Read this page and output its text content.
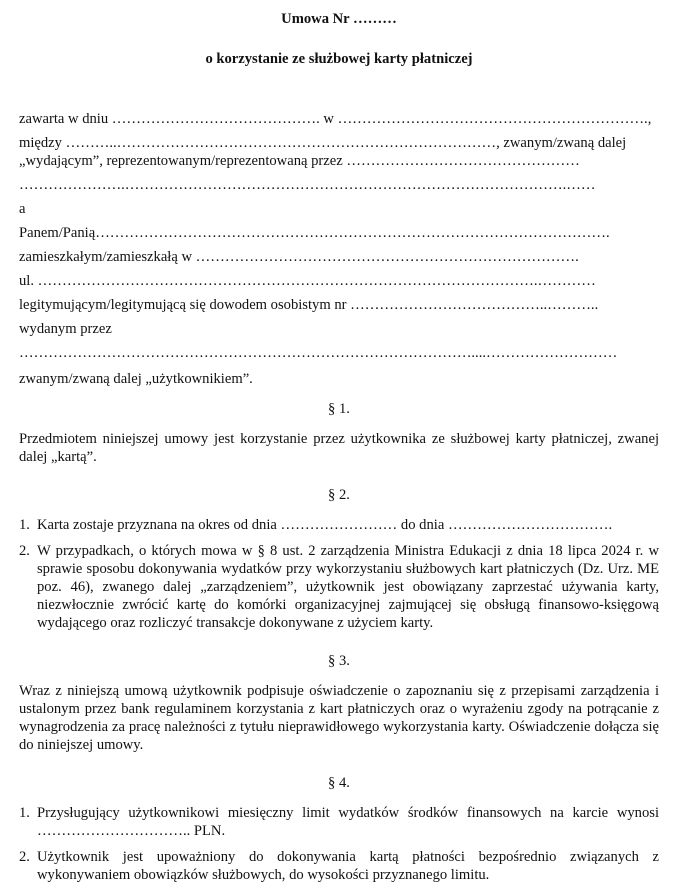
Umowa Nr ………

o korzystanie ze służbowej karty płatniczej

zawarta w dniu ……………………………………. w ……………………………………………………….,

między ………..……………………………………………………………………, zwanym/zwaną dalej

„wydającym”, reprezentowanym/reprezentowaną przez …………………………………………

………………….……………………………………………………………………………….……

a

Panem/Panią…………………………………………………………………………………………….

zamieszkałym/zamieszkałą w …………………………………………………………………….

ul. ………………………………………………………………………………………….…………

legitymującym/legitymującą się dowodem osobistym nr …………………………………..………..

wydanym przez

…………………………………………………………………………………....………………………

zwanym/zwaną dalej „użytkownikiem”.

§ 1.

Przedmiotem niniejszej umowy jest korzystanie przez użytkownika ze służbowej karty płatniczej, zwanej dalej „kartą”.

§ 2.

1. Karta zostaje przyznana na okres od dnia …………………… do dnia …………………………….

2. W przypadkach, o których mowa w § 8 ust. 2 zarządzenia Ministra Edukacji z dnia 18 lipca 2024 r. w sprawie sposobu dokonywania wydatków przy wykorzystaniu służbowych kart płatniczych (Dz. Urz. ME poz. 46), zwanego dalej „zarządzeniem”, użytkownik jest obowiązany zaprzestać używania karty, niezwłocznie zwrócić kartę do komórki organizacyjnej zajmującej się obsługą finansowo-księgową wydającego oraz rozliczyć transakcje dokonywane z użyciem karty.

§ 3.

Wraz z niniejszą umową użytkownik podpisuje oświadczenie o zapoznaniu się z przepisami zarządzenia i ustalonym przez bank regulaminem korzystania z kart płatniczych oraz o wyrażeniu zgody na potrącanie z wynagrodzenia za pracę należności z tytułu nieprawidłowego wykorzystania karty. Oświadczenie dołącza się do niniejszej umowy.

§ 4.

1. Przysługujący użytkownikowi miesięczny limit wydatków środków finansowych na karcie wynosi ………………………….. PLN.

2. Użytkownik jest upoważniony do dokonywania kartą płatności bezpośrednio związanych z wykonywaniem obowiązków służbowych, do wysokości przyznanego limitu.
